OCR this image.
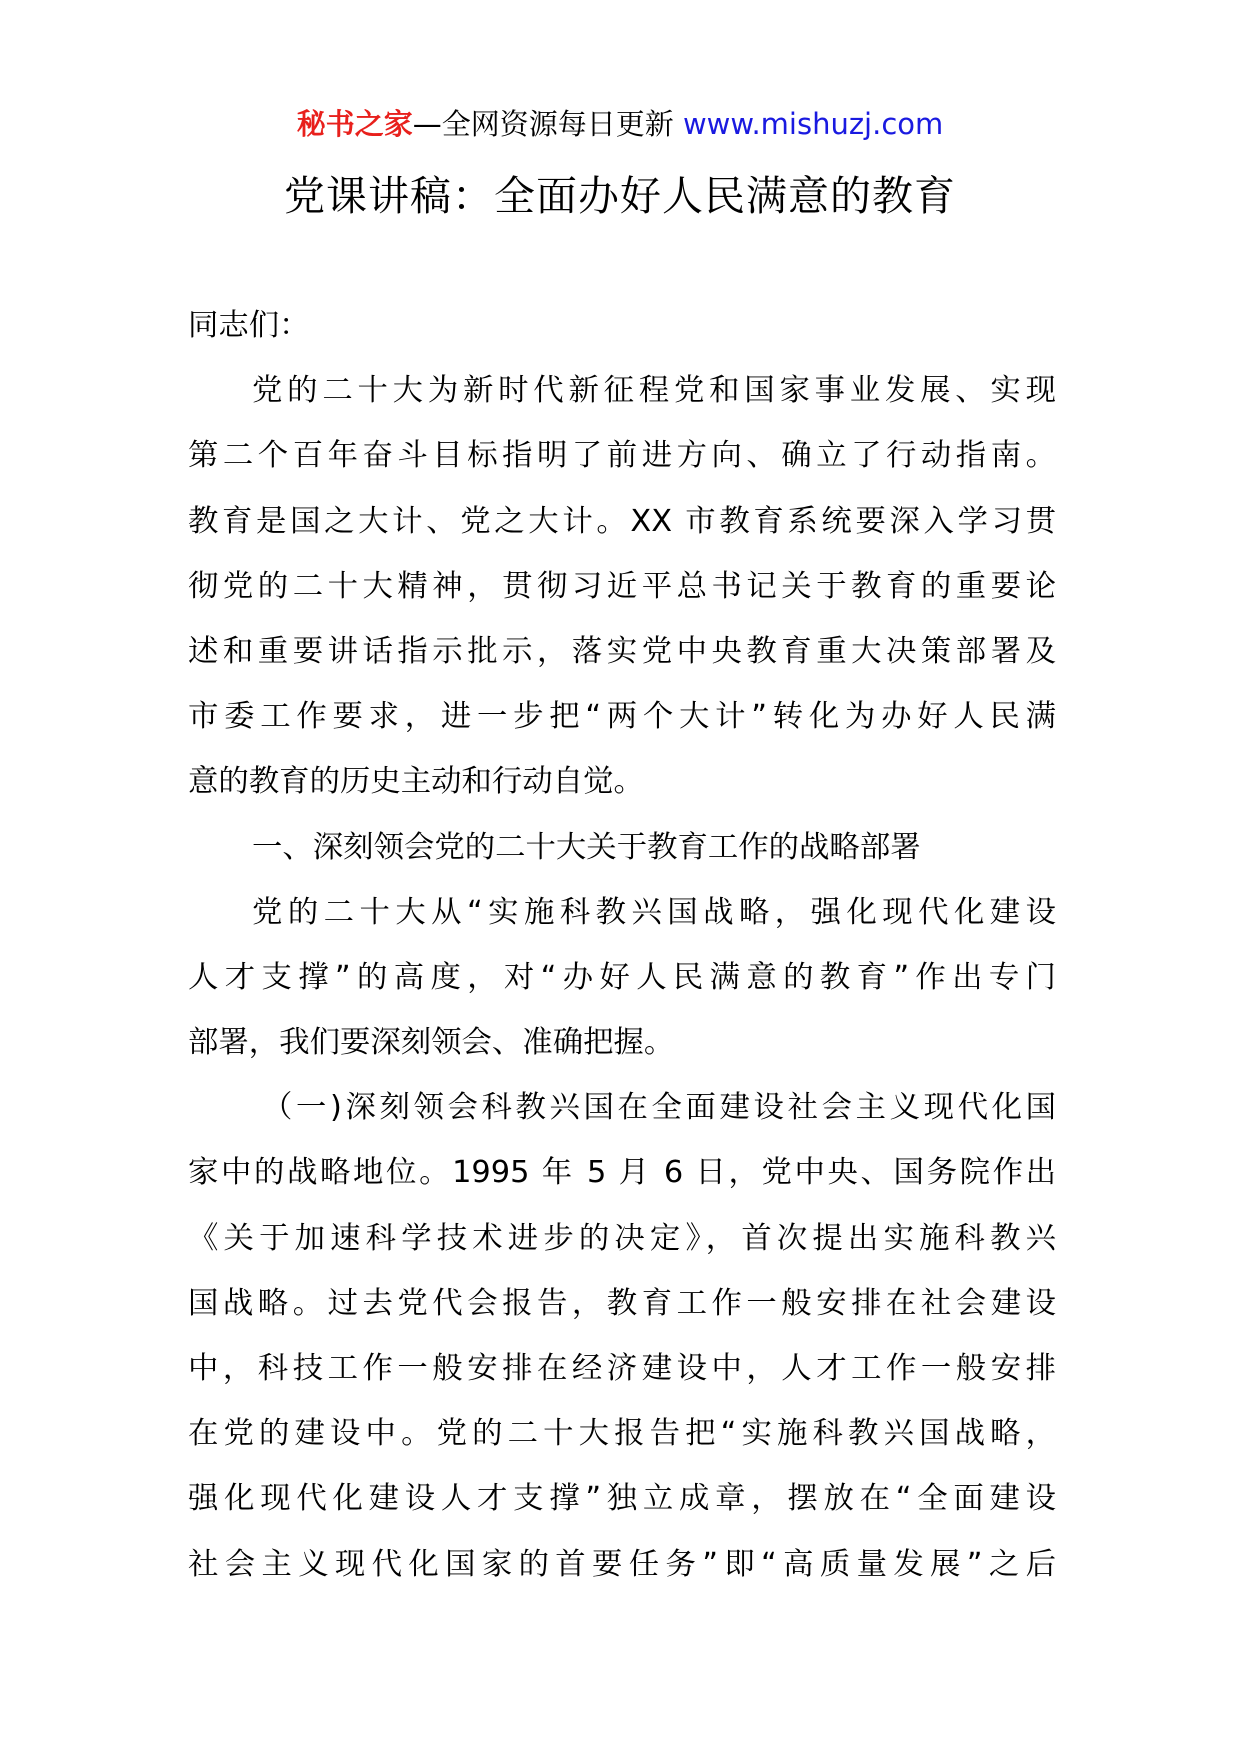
秘书之家—全网资源每日更新 www.mishuzj.com
党课讲稿：全面办好人民满意的教育
同志们：
党的二十大为新时代新征程党和国家事业发展、实现
第二个百年奋斗目标指明了前进方向、确立了行动指南。
教育是国之大计、党之大计。XX 市教育系统要深入学习贯
彻党的二十大精神，贯彻习近平总书记关于教育的重要论
述和重要讲话指示批示，落实党中央教育重大决策部署及
市委工作要求，进一步把“两个大计”转化为办好人民满
意的教育的历史主动和行动自觉。
一、深刻领会党的二十大关于教育工作的战略部署
党的二十大从“实施科教兴国战略，强化现代化建设
人才支撑”的高度，对“办好人民满意的教育”作出专门
部署，我们要深刻领会、准确把握。
（一)深刻领会科教兴国在全面建设社会主义现代化国
家中的战略地位。1995 年 5 月 6 日，党中央、国务院作出
《关于加速科学技术进步的决定》，首次提出实施科教兴
国战略。过去党代会报告，教育工作一般安排在社会建设
中，科技工作一般安排在经济建设中，人才工作一般安排
在党的建设中。党的二十大报告把“实施科教兴国战略，
强化现代化建设人才支撑”独立成章，摆放在“全面建设
社会主义现代化国家的首要任务”即“高质量发展”之后
